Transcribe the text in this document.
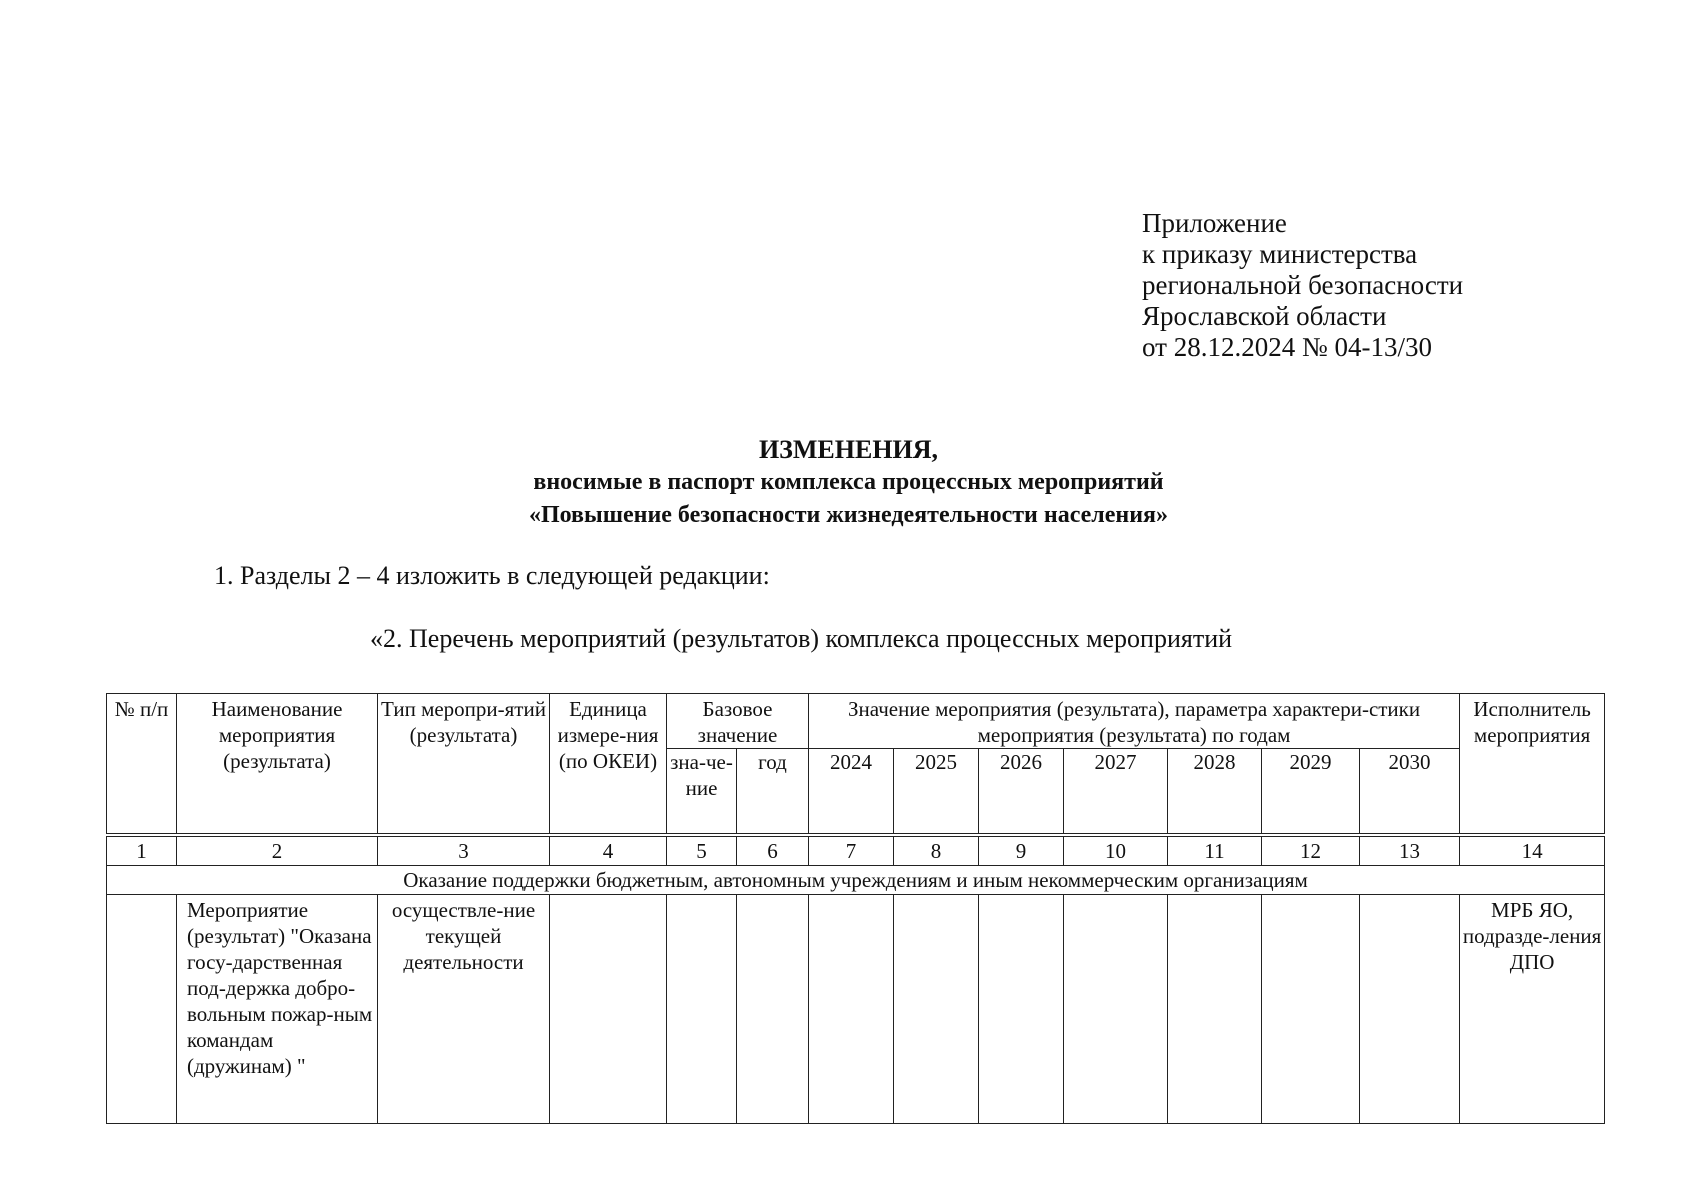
Приложение
к приказу министерства
региональной безопасности
Ярославской области
от 28.12.2024 № 04-13/30
ИЗМЕНЕНИЯ,
вносимые в паспорт комплекса процессных мероприятий
«Повышение безопасности жизнедеятельности населения»
1. Разделы 2 – 4 изложить в следующей редакции:
«2. Перечень мероприятий (результатов) комплекса процессных мероприятий
№ п/п	Наименование мероприятия (результата)	Тип меропри-ятий (результата)	Единица измере-ния (по ОКЕИ)	Базовое значение		Значение мероприятия (результата), параметра характери-стики мероприятия (результата) по годам							Исполнитель мероприятия
				зна-че-ние	год	2024	2025	2026	2027	2028	2029	2030	
1	2	3	4	5	6	7	8	9	10	11	12	13	14
Оказание поддержки бюджетным, автономным учреждениям и иным некоммерческим организациям													
	Мероприятие (результат) "Оказана госу-дарственная под-держка добро-вольным пожар-ным командам (дружинам) "	осуществле-ние текущей деятельности											МРБ ЯО, подразде-ления ДПО
